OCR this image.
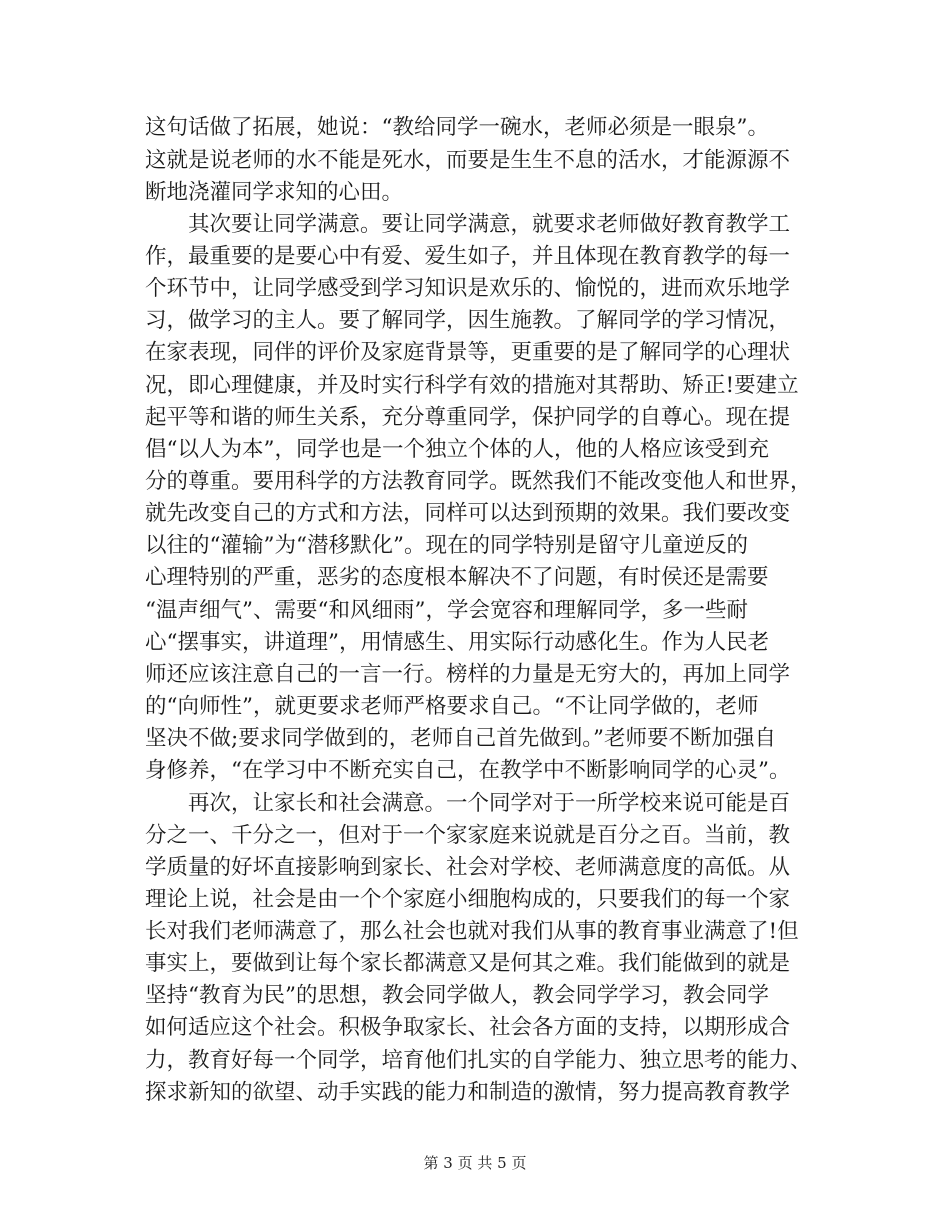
这句话做了拓展，她说：“教给同学一碗水，老师必须是一眼泉”。
这就是说老师的水不能是死水，而要是生生不息的活水，才能源源不
断地浇灌同学求知的心田。
　　其次要让同学满意。要让同学满意，就要求老师做好教育教学工
作，最重要的是要心中有爱、爱生如子，并且体现在教育教学的每一
个环节中，让同学感受到学习知识是欢乐的、愉悦的，进而欢乐地学
习，做学习的主人。要了解同学，因生施教。了解同学的学习情况，
在家表现，同伴的评价及家庭背景等，更重要的是了解同学的心理状
况，即心理健康，并及时实行科学有效的措施对其帮助、矫正!要建立
起平等和谐的师生关系，充分尊重同学，保护同学的自尊心。现在提
倡“以人为本”，同学也是一个独立个体的人，他的人格应该受到充
分的尊重。要用科学的方法教育同学。既然我们不能改变他人和世界，
就先改变自己的方式和方法，同样可以达到预期的效果。我们要改变
以往的“灌输”为“潜移默化”。现在的同学特别是留守儿童逆反的
心理特别的严重，恶劣的态度根本解决不了问题，有时侯还是需要
“温声细气”、需要“和风细雨”，学会宽容和理解同学，多一些耐
心“摆事实，讲道理”，用情感生、用实际行动感化生。作为人民老
师还应该注意自己的一言一行。榜样的力量是无穷大的，再加上同学
的“向师性”，就更要求老师严格要求自己。“不让同学做的，老师
坚决不做;要求同学做到的，老师自己首先做到。”老师要不断加强自
身修养，“在学习中不断充实自己，在教学中不断影响同学的心灵”。
　　再次，让家长和社会满意。一个同学对于一所学校来说可能是百
分之一、千分之一，但对于一个家家庭来说就是百分之百。当前，教
学质量的好坏直接影响到家长、社会对学校、老师满意度的高低。从
理论上说，社会是由一个个家庭小细胞构成的，只要我们的每一个家
长对我们老师满意了，那么社会也就对我们从事的教育事业满意了!但
事实上，要做到让每个家长都满意又是何其之难。我们能做到的就是
坚持“教育为民”的思想，教会同学做人，教会同学学习，教会同学
如何适应这个社会。积极争取家长、社会各方面的支持，以期形成合
力，教育好每一个同学，培育他们扎实的自学能力、独立思考的能力、
探求新知的欲望、动手实践的能力和制造的激情，努力提高教育教学
第 3 页 共 5 页
